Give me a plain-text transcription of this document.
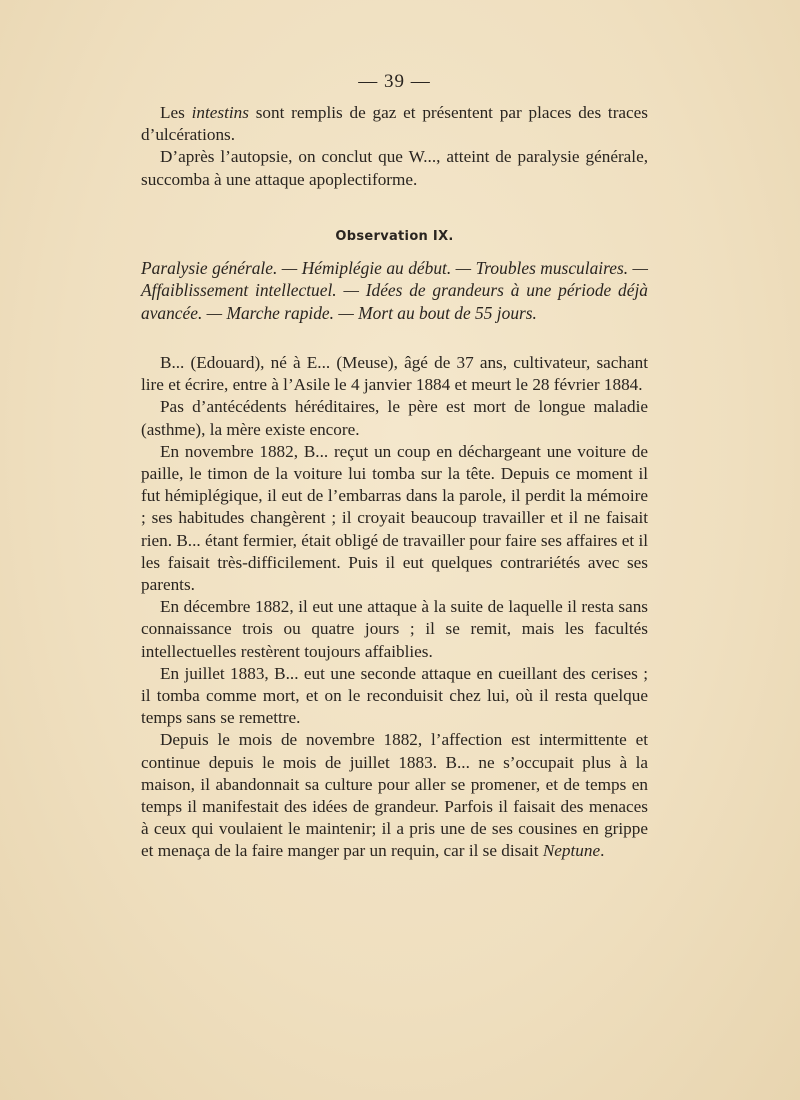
— 39 —

Les intestins sont remplis de gaz et présentent par places des traces d’ulcérations.

D’après l’autopsie, on conclut que W..., atteint de paralysie générale, succomba à une attaque apoplectiforme.

Observation IX.

Paralysie générale. — Hémiplégie au début. — Troubles musculaires. — Affaiblissement intellectuel. — Idées de grandeurs à une période déjà avancée. — Marche rapide. — Mort au bout de 55 jours.

B... (Edouard), né à E... (Meuse), âgé de 37 ans, cultivateur, sachant lire et écrire, entre à l’Asile le 4 janvier 1884 et meurt le 28 février 1884.

Pas d’antécédents héréditaires, le père est mort de longue maladie (asthme), la mère existe encore.

En novembre 1882, B... reçut un coup en déchargeant une voiture de paille, le timon de la voiture lui tomba sur la tête. Depuis ce moment il fut hémiplégique, il eut de l’embarras dans la parole, il perdit la mémoire ; ses habitudes changèrent ; il croyait beaucoup travailler et il ne faisait rien. B... étant fermier, était obligé de travailler pour faire ses affaires et il les faisait très-difficilement. Puis il eut quelques contrariétés avec ses parents.

En décembre 1882, il eut une attaque à la suite de laquelle il resta sans connaissance trois ou quatre jours ; il se remit, mais les facultés intellectuelles restèrent toujours affaiblies.

En juillet 1883, B... eut une seconde attaque en cueillant des cerises ; il tomba comme mort, et on le reconduisit chez lui, où il resta quelque temps sans se remettre.

Depuis le mois de novembre 1882, l’affection est intermittente et continue depuis le mois de juillet 1883. B... ne s’occupait plus à la maison, il abandonnait sa culture pour aller se promener, et de temps en temps il manifestait des idées de grandeur. Parfois il faisait des menaces à ceux qui voulaient le maintenir; il a pris une de ses cousines en grippe et menaça de la faire manger par un requin, car il se disait Neptune.
